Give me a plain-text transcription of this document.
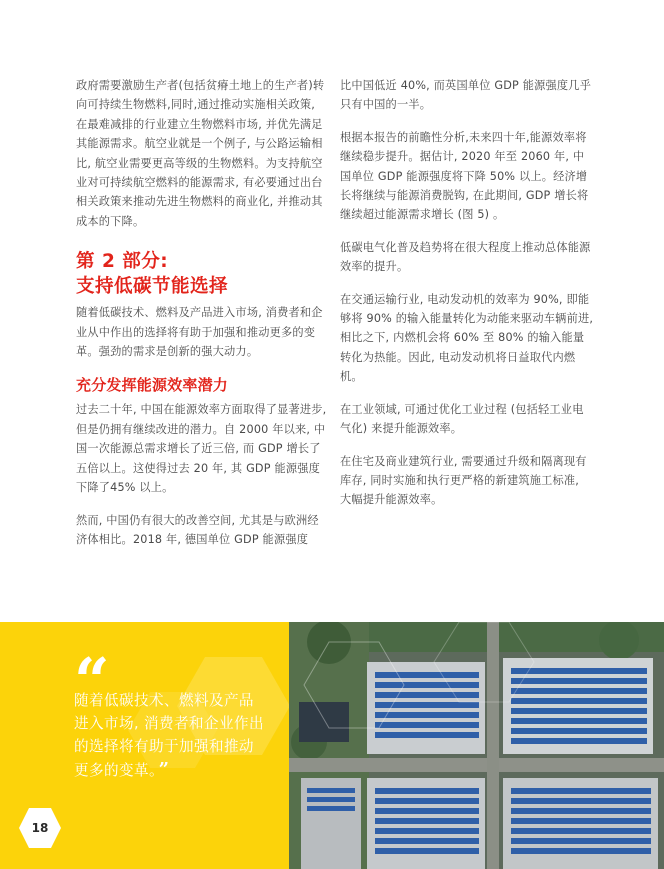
政府需要激励生产者(包括贫瘠土地上的生产者)转向可持续生物燃料,同时,通过推动实施相关政策, 在最难减排的行业建立生物燃料市场, 并优先满足其能源需求。航空业就是一个例子, 与公路运输相比, 航空业需要更高等级的生物燃料。为支持航空业对可持续航空燃料的能源需求, 有必要通过出台相关政策来推动先进生物燃料的商业化, 并推动其成本的下降。

第 2 部分:
支持低碳节能选择

随着低碳技术、燃料及产品进入市场, 消费者和企业从中作出的选择将有助于加强和推动更多的变革。强劲的需求是创新的强大动力。

充分发挥能源效率潜力

过去二十年, 中国在能源效率方面取得了显著进步, 但是仍拥有继续改进的潜力。自 2000 年以来, 中国一次能源总需求增长了近三倍, 而 GDP 增长了五倍以上。这使得过去 20 年, 其 GDP 能源强度下降了45% 以上。

然而, 中国仍有很大的改善空间, 尤其是与欧洲经济体相比。2018 年, 德国单位 GDP 能源强度

比中国低近 40%, 而英国单位 GDP 能源强度几乎只有中国的一半。

根据本报告的前瞻性分析,未来四十年,能源效率将继续稳步提升。据估计, 2020 年至 2060 年, 中国单位 GDP 能源强度将下降 50% 以上。经济增长将继续与能源消费脱钩, 在此期间, GDP 增长将继续超过能源需求增长 (图 5) 。

低碳电气化普及趋势将在很大程度上推动总体能源效率的提升。

在交通运输行业, 电动发动机的效率为 90%, 即能够将 90% 的输入能量转化为动能来驱动车辆前进, 相比之下, 内燃机会将 60% 至 80% 的输入能量转化为热能。因此, 电动发动机将日益取代内燃机。

在工业领域, 可通过优化工业过程 (包括轻工业电气化) 来提升能源效率。

在住宅及商业建筑行业, 需要通过升级和隔离现有库存, 同时实施和执行更严格的新建筑施工标准, 大幅提升能源效率。

“
随着低碳技术、燃料及产品进入市场, 消费者和企业作出的选择将有助于加强和推动更多的变革。 ”
18
